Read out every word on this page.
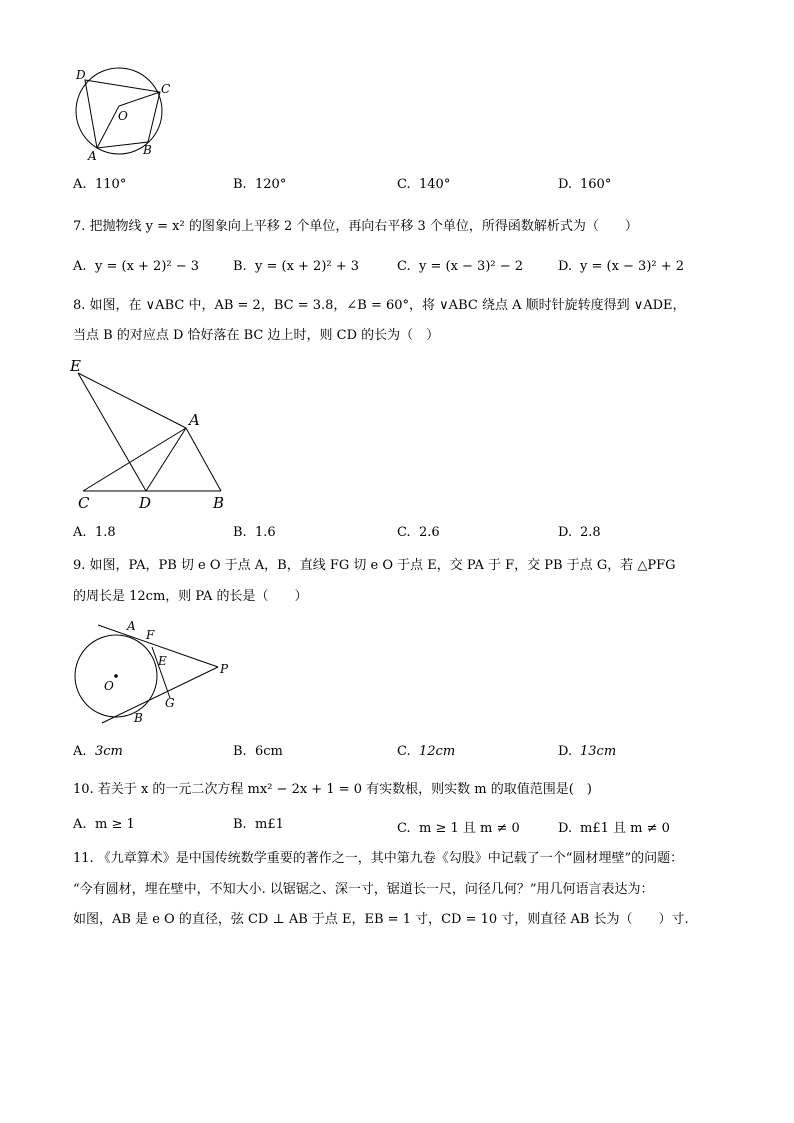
D
C
O
A	B
A. 110°	B. 120°	C. 140°	D. 160°
7. 把抛物线 y = x² 的图象向上平移 2 个单位，再向右平移 3 个单位，所得函数解析式为（　　）
A. y = (x + 2)² − 3	B. y = (x + 2)² + 3	C. y = (x − 3)² − 2	D. y = (x − 3)² + 2
8. 如图，在 ∨ABC 中，AB = 2，BC = 3.8，∠B = 60°，将 ∨ABC 绕点 A 顺时针旋转度得到 ∨ADE，
当点 B 的对应点 D 恰好落在 BC 边上时，则 CD 的长为（　）
E
A
C	D	B
A. 1.8	B. 1.6	C. 2.6	D. 2.8
9. 如图，PA，PB 切 e O 于点 A，B，直线 FG 切 e O 于点 E，交 PA 于 F，交 PB 于点 G，若 △PFG
的周长是 12cm，则 PA 的长是（　　）
A
F
E
P
O
G
B
A. 3cm	B. 6cm	C. 12cm	D. 13cm
10. 若关于 x 的一元二次方程 mx² − 2x + 1 = 0 有实数根，则实数 m 的取值范围是(　)
A. m ≥ 1	B. m£1	C. m ≥ 1 且 m ≠ 0	D. m£1 且 m ≠ 0
11. 《九章算术》是中国传统数学重要的著作之一，其中第九卷《勾股》中记载了一个“圆材埋壁”的问题：
“今有圆材，埋在壁中，不知大小. 以锯锯之、深一寸，锯道长一尺，问径几何？”用几何语言表达为：
如图，AB 是 e O 的直径，弦 CD ⊥ AB 于点 E，EB = 1 寸，CD = 10 寸，则直径 AB 长为（　　）寸.
